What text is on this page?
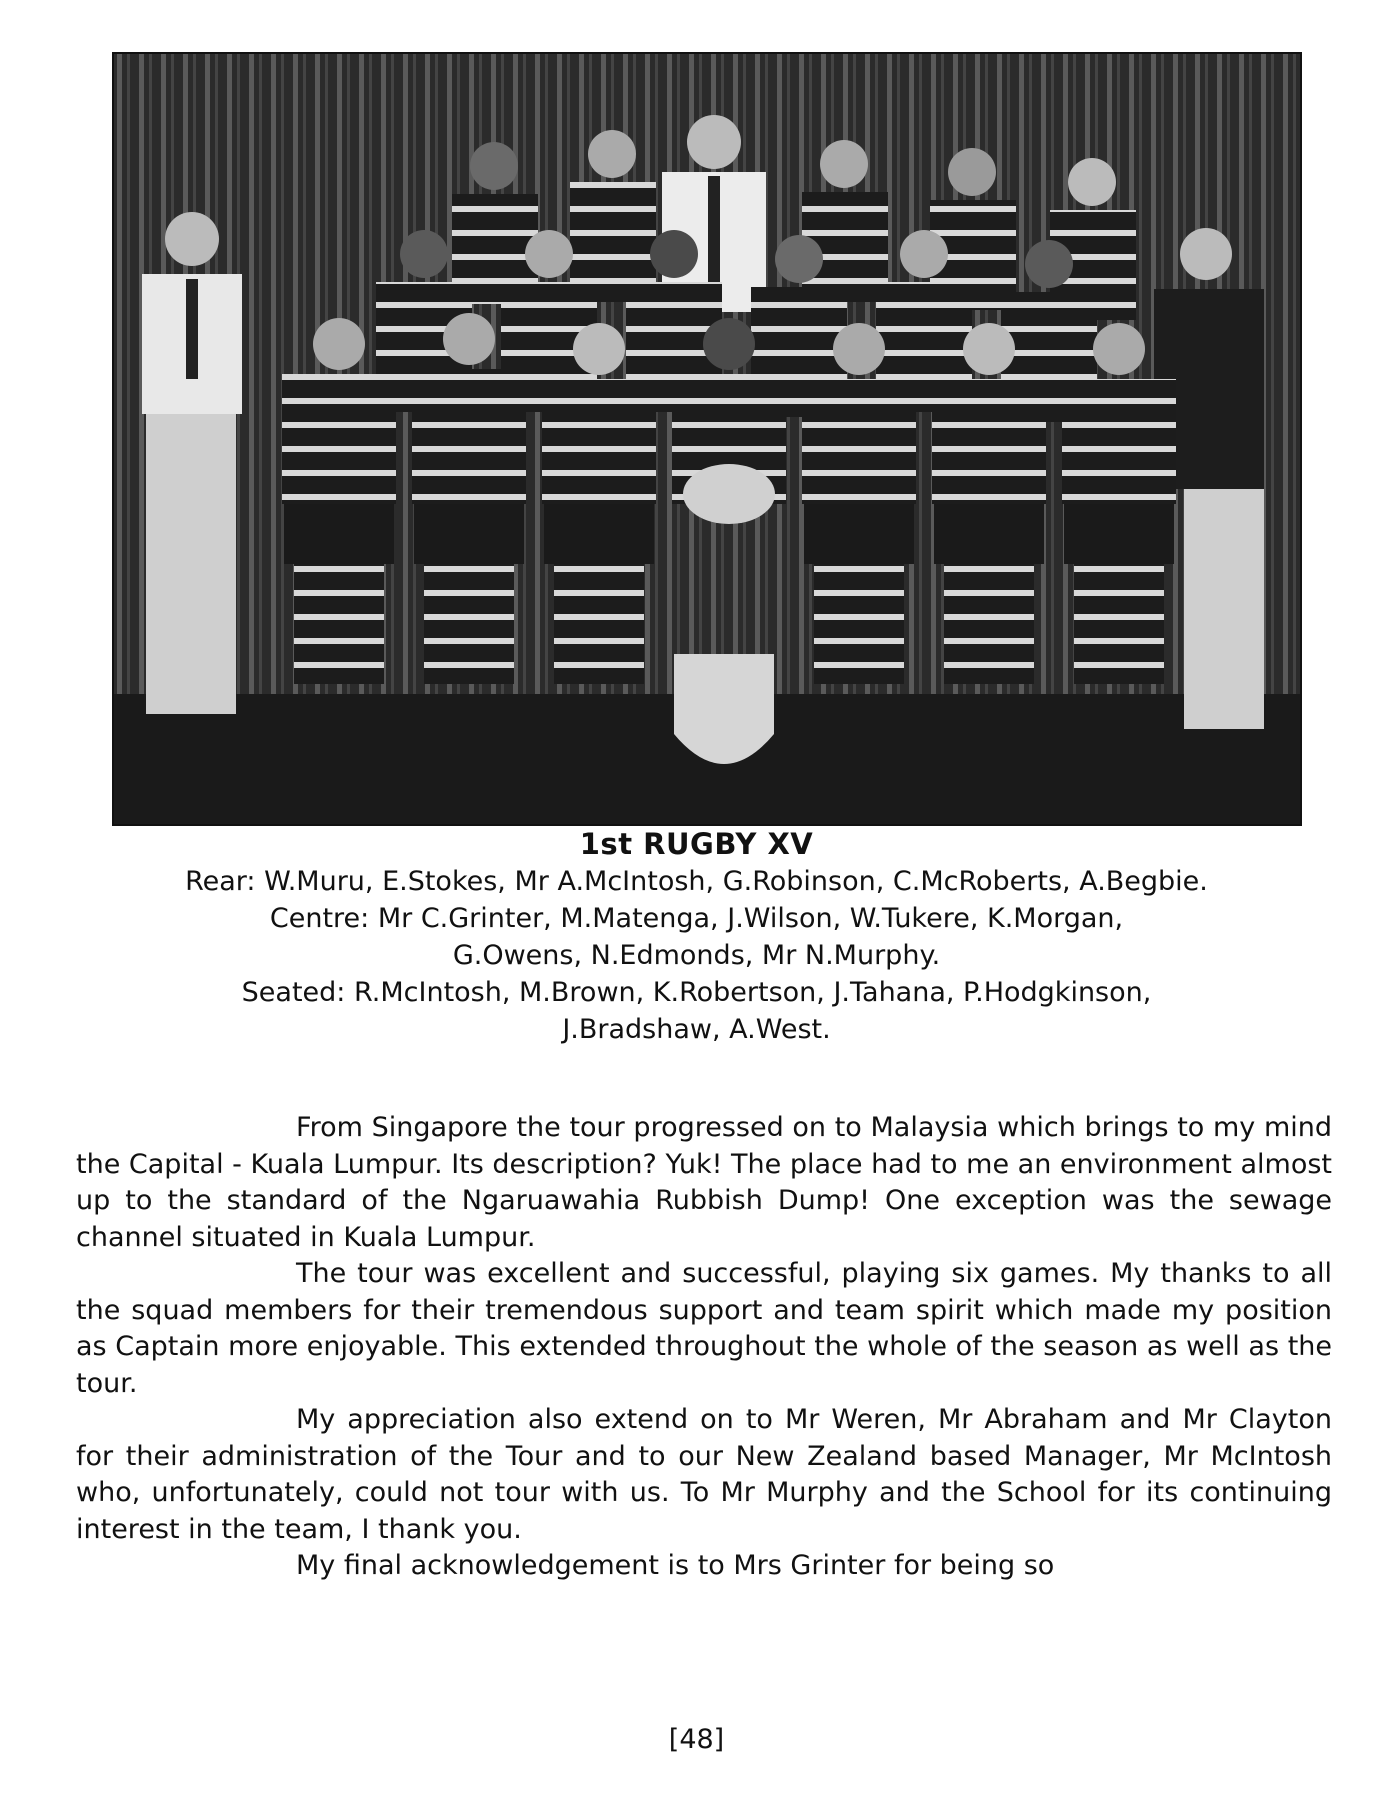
1st RUGBY XV
Rear: W.Muru, E.Stokes, Mr A.McIntosh, G.Robinson, C.McRoberts, A.Begbie.
Centre: Mr C.Grinter, M.Matenga, J.Wilson, W.Tukere, K.Morgan,
G.Owens, N.Edmonds, Mr N.Murphy.
Seated: R.McIntosh, M.Brown, K.Robertson, J.Tahana, P.Hodgkinson,
J.Bradshaw, A.West.

From Singapore the tour progressed on to Malaysia which brings to my mind the Capital - Kuala Lumpur. Its description? Yuk! The place had to me an environment almost up to the standard of the Ngaruawahia Rubbish Dump! One exception was the sewage channel situated in Kuala Lumpur.

The tour was excellent and successful, playing six games. My thanks to all the squad members for their tremendous support and team spirit which made my position as Captain more enjoyable. This extended throughout the whole of the season as well as the tour.

My appreciation also extend on to Mr Weren, Mr Abraham and Mr Clayton for their administration of the Tour and to our New Zealand based Manager, Mr McIntosh who, unfortunately, could not tour with us. To Mr Murphy and the School for its continuing interest in the team, I thank you.

My final acknowledgement is to Mrs Grinter for being so

[48]
